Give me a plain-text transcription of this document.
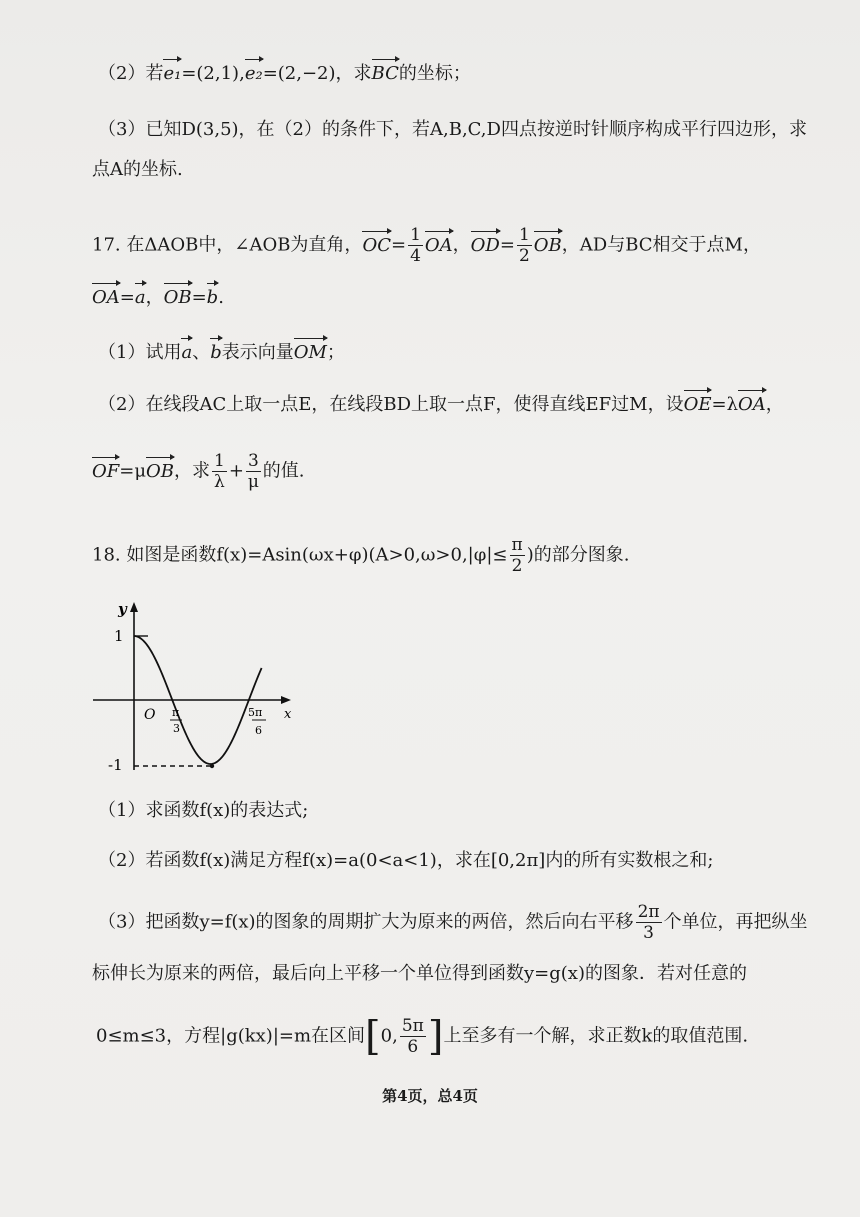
（2）若e₁=(2,1),e₂=(2,−2)，求BC的坐标；
（3）已知D(3,5)，在（2）的条件下，若A,B,C,D四点按逆时针顺序构成平行四边形，求
点A的坐标.
17. 在ΔAOB中，∠AOB为直角，$OC= \frac{1}{4}$ OA，$OD= \frac{1}{2}$ OB，AD与BC相交于点M，
OA=a，OB=b.
（1）试用a、b表示向量OM；
（2）在线段AC上取一点E，在线段BD上取一点F，使得直线EF过M，设OE=λOA，
OF=μOB，求 $\frac{1}{\lambda} + \frac{3}{\mu}$ 的值.
18. 如图是函数$f(x)=Asin(\omega x+\varphi)(A>0,\omega>0,|\varphi|\le \frac{\pi}{2}$ )的部分图象.
y
x
O
1
-1
π
3
5π
6
（1）求函数f(x)的表达式;
（2）若函数f(x)满足方程f(x)=a(0<a<1)，求在[0,2π]内的所有实数根之和;
（3）把函数y=f(x)的图象的周期扩大为原来的两倍，然后向右平移 $\frac{2\pi}{3}$ 个单位，再把纵坐
标伸长为原来的两倍，最后向上平移一个单位得到函数y=g(x)的图象．若对任意的
0≤m≤3，方程|g(kx)|=m在区间[0, $\frac{5\pi}{6}$ ]上至多有一个解，求正数k的取值范围.
第4页，总4页
